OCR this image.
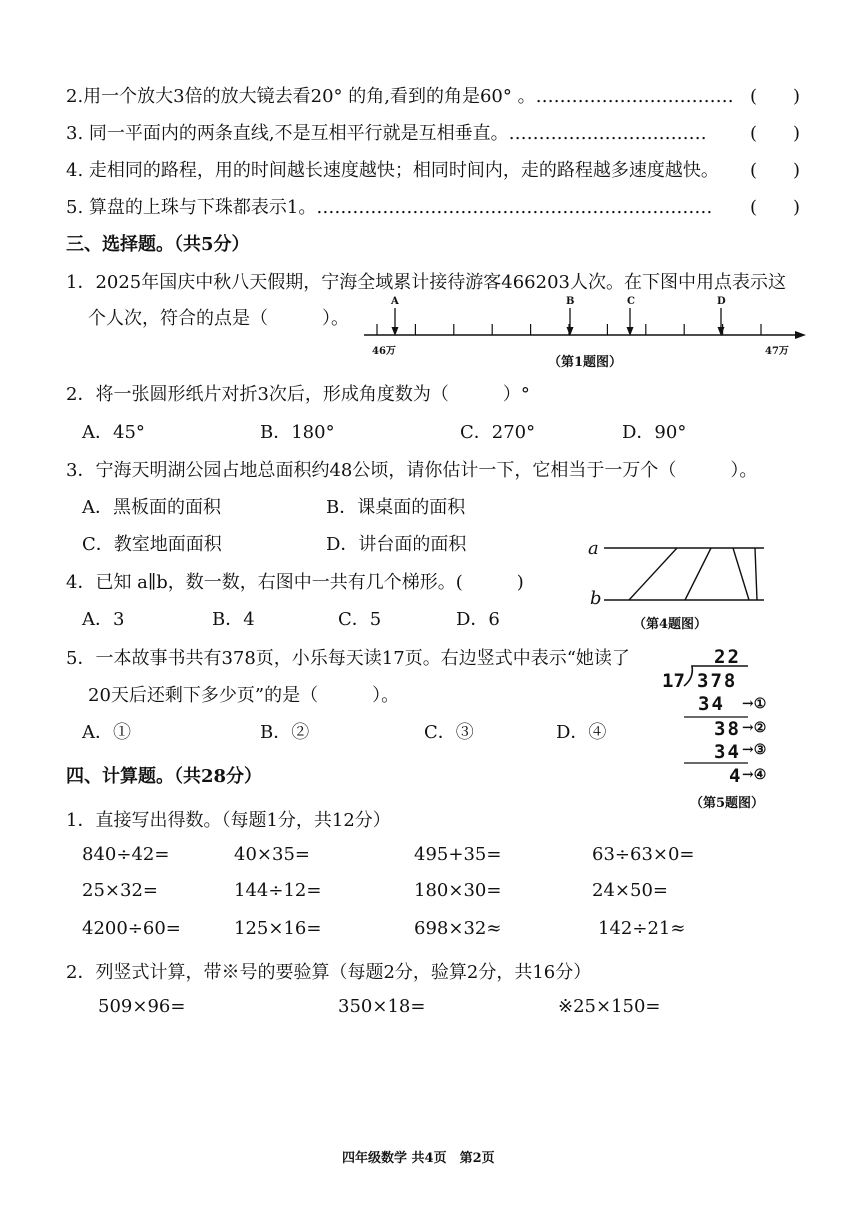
2.用一个放大3倍的放大镜去看20° 的角,看到的角是60° 。…………………………… (　　)
3. 同一平面内的两条直线,不是互相平行就是互相垂直。…………………………… (　　)
4. 走相同的路程，用的时间越长速度越快；相同时间内，走的路程越多速度越快。 (　　)
5. 算盘的上珠与下珠都表示1。………………………………………………………… (　　)
三、选择题。（共5分）
1．2025年国庆中秋八天假期，宁海全域累计接待游客466203人次。在下图中用点表示这
个人次，符合的点是（　　　）。
A	B	C	D
46万	47万
（第1题图）
2．将一张圆形纸片对折3次后，形成角度数为（　　　）°
A．45°	B．180°	C．270°	D．90°
3．宁海天明湖公园占地总面积约48公顷，请你估计一下，它相当于一万个（　　　）。
A．黑板面的面积	B．课桌面的面积
C．教室地面面积	D．讲台面的面积
4．已知 a∥b，数一数，右图中一共有几个梯形。(　　　)
A．3	B．4	C．5	D．6
a
b
（第4题图）
5．一本故事书共有378页，小乐每天读17页。右边竖式中表示“她读了
20天后还剩下多少页”的是（　　　）。
A．①	B．②	C．③	D．④
22
17 378
34 →①
38 →②
34 →③
4 →④
（第5题图）
四、计算题。（共28分）
1．直接写出得数。（每题1分，共12分）
840÷42=	40×35=	495+35=	63÷63×0=
25×32=	144÷12=	180×30=	24×50=
4200÷60=	125×16=	698×32≈	142÷21≈
2．列竖式计算，带※号的要验算（每题2分，验算2分，共16分）
509×96=	350×18=	※25×150=
四年级数学 共4页　第2页
